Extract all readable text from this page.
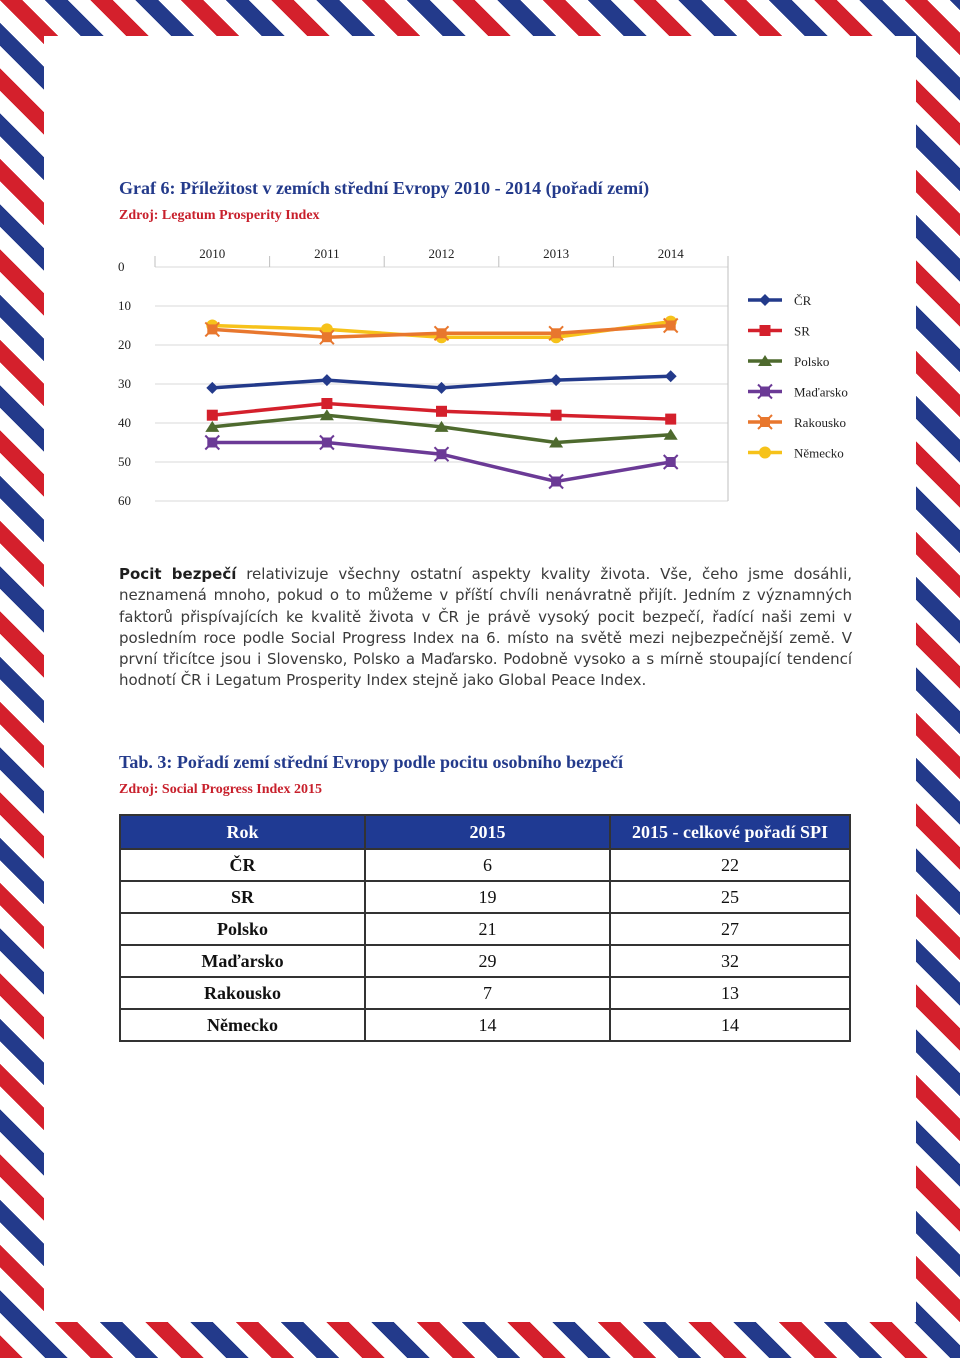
Graf 6: Příležitost v zemích střední Evropy 2010 - 2014 (pořadí zemí)
Zdroj: Legatum Prosperity Index
0
10
20
30
40
50
60
2010	2011	2012	2013	2014
ČR
SR
Polsko
Maďarsko
Rakousko
Německo

Pocit bezpečí relativizuje všechny ostatní aspekty kvality života. Vše, čeho jsme dosáhli, neznamená mnoho, pokud o to můžeme v příští chvíli nenávratně přijít. Jedním z významných faktorů přispívajících ke kvalitě života v ČR je právě vysoký pocit bezpečí, řadící naši zemi v posledním roce podle Social Progress Index na 6. místo na světě mezi nejbezpečnější země. V první třicítce jsou i Slovensko, Polsko a Maďarsko. Podobně vysoko a s mírně stoupající tendencí hodnotí ČR i Legatum Prosperity Index stejně jako Global Peace Index.

Tab. 3: Pořadí zemí střední Evropy podle pocitu osobního bezpečí
Zdroj: Social Progress Index 2015
Rok	2015	2015 - celkové pořadí SPI
ČR	6	22
SR	19	25
Polsko	21	27
Maďarsko	29	32
Rakousko	7	13
Německo	14	14
